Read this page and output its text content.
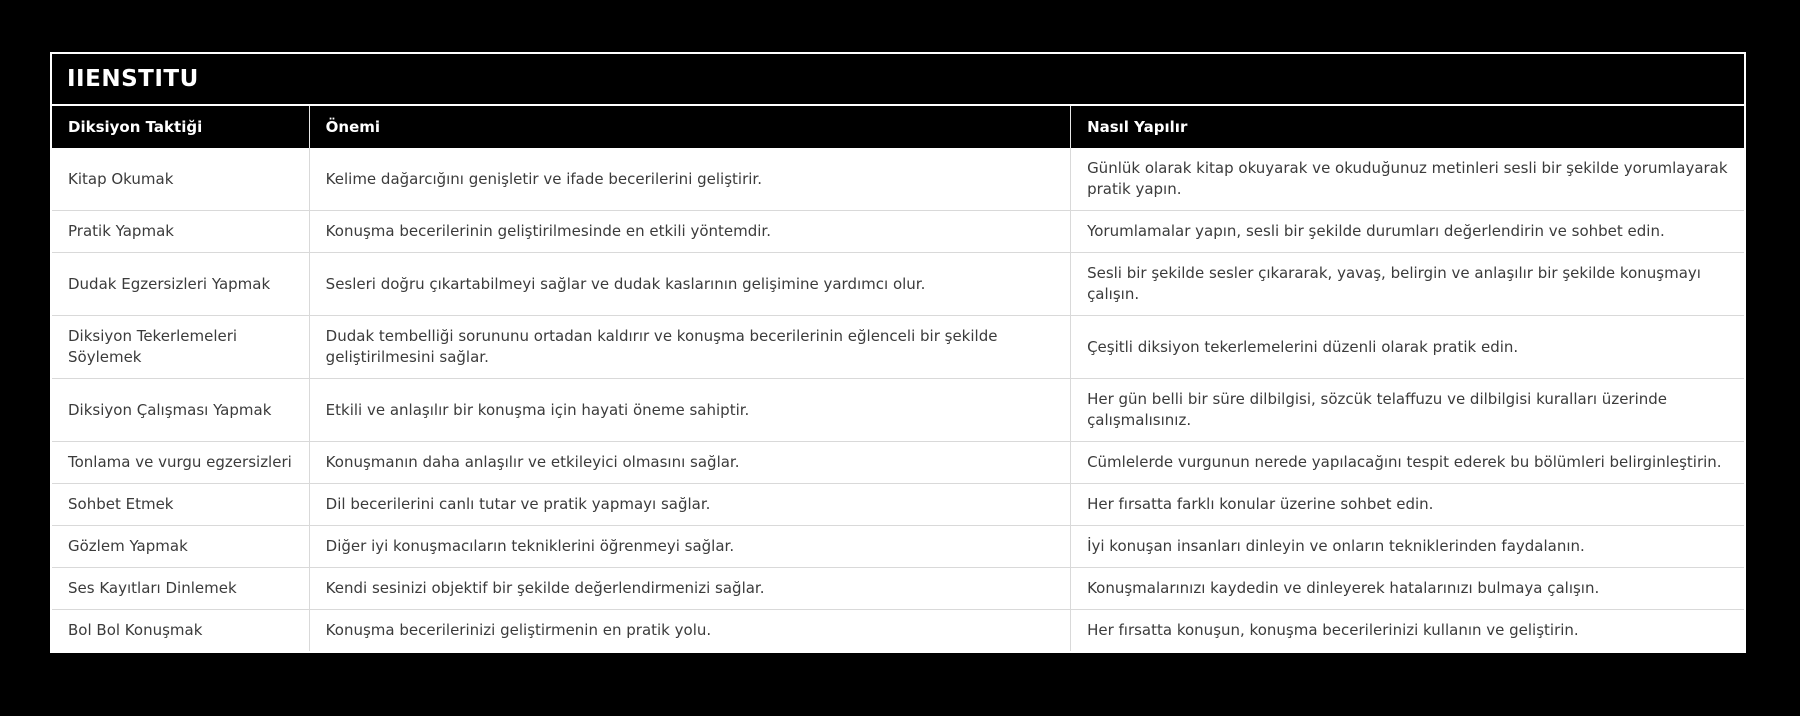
IIENSTITU
Diksiyon Taktiği	Önemi	Nasıl Yapılır
Kitap Okumak	Kelime dağarcığını genişletir ve ifade becerilerini geliştirir.	Günlük olarak kitap okuyarak ve okuduğunuz metinleri sesli bir şekilde yorumlayarak pratik yapın.
Pratik Yapmak	Konuşma becerilerinin geliştirilmesinde en etkili yöntemdir.	Yorumlamalar yapın, sesli bir şekilde durumları değerlendirin ve sohbet edin.
Dudak Egzersizleri Yapmak	Sesleri doğru çıkartabilmeyi sağlar ve dudak kaslarının gelişimine yardımcı olur.	Sesli bir şekilde sesler çıkararak, yavaş, belirgin ve anlaşılır bir şekilde konuşmayı çalışın.
Diksiyon Tekerlemeleri Söylemek	Dudak tembelliği sorununu ortadan kaldırır ve konuşma becerilerinin eğlenceli bir şekilde geliştirilmesini sağlar.	Çeşitli diksiyon tekerlemelerini düzenli olarak pratik edin.
Diksiyon Çalışması Yapmak	Etkili ve anlaşılır bir konuşma için hayati öneme sahiptir.	Her gün belli bir süre dilbilgisi, sözcük telaffuzu ve dilbilgisi kuralları üzerinde çalışmalısınız.
Tonlama ve vurgu egzersizleri	Konuşmanın daha anlaşılır ve etkileyici olmasını sağlar.	Cümlelerde vurgunun nerede yapılacağını tespit ederek bu bölümleri belirginleştirin.
Sohbet Etmek	Dil becerilerini canlı tutar ve pratik yapmayı sağlar.	Her fırsatta farklı konular üzerine sohbet edin.
Gözlem Yapmak	Diğer iyi konuşmacıların tekniklerini öğrenmeyi sağlar.	İyi konuşan insanları dinleyin ve onların tekniklerinden faydalanın.
Ses Kayıtları Dinlemek	Kendi sesinizi objektif bir şekilde değerlendirmenizi sağlar.	Konuşmalarınızı kaydedin ve dinleyerek hatalarınızı bulmaya çalışın.
Bol Bol Konuşmak	Konuşma becerilerinizi geliştirmenin en pratik yolu.	Her fırsatta konuşun, konuşma becerilerinizi kullanın ve geliştirin.
